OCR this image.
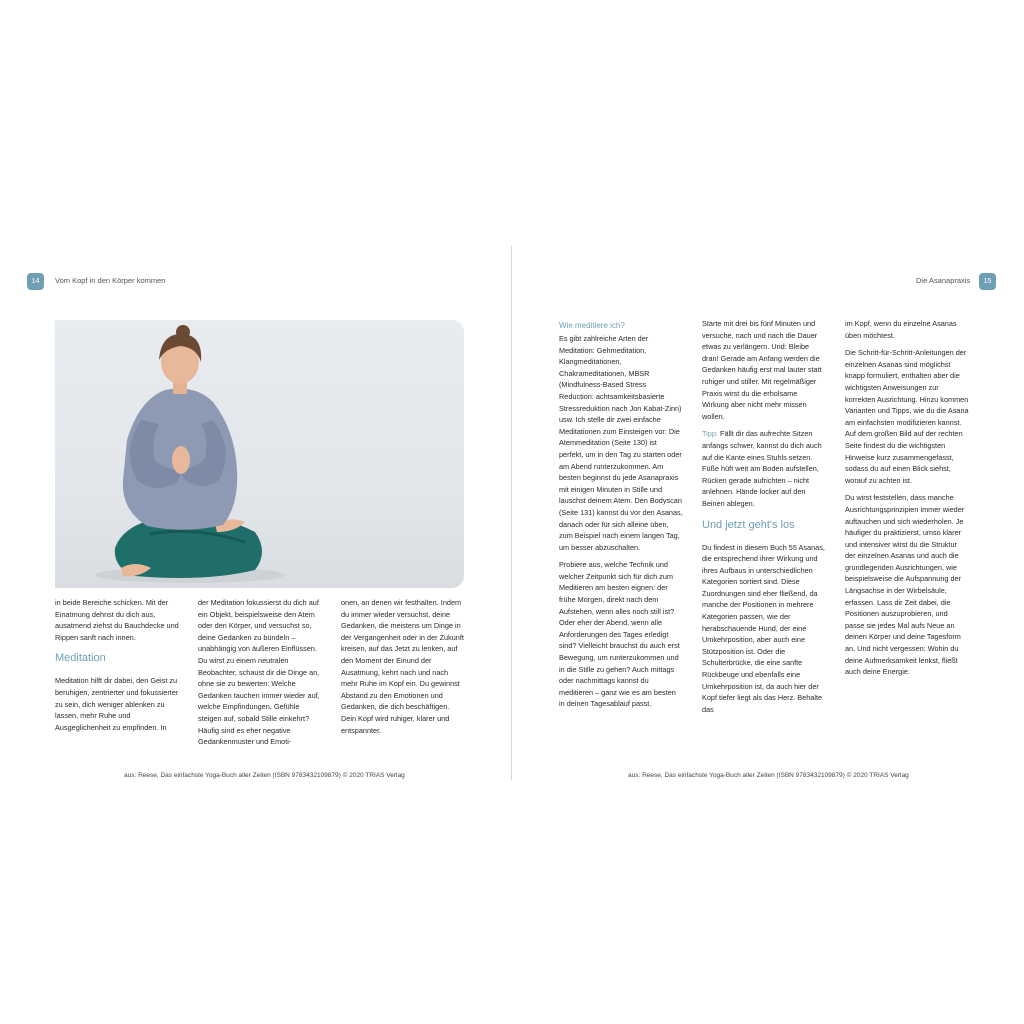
14	Vom Kopf in den Körper kommen

in beide Bereiche schicken. Mit der Einatmung dehnst du dich aus, ausatmend ziehst du Bauchdecke und Rippen sanft nach innen.

Meditation

Meditation hilft dir dabei, den Geist zu beruhigen, zentrierter und fokussierter zu sein, dich weniger ablenken zu lassen, mehr Ruhe und Ausgeglichenheit zu empfinden. In

der Meditation fokussierst du dich auf ein Objekt, beispielsweise den Atem oder den Körper, und versuchst so, deine Gedanken zu bündeln – unabhängig von äußeren Einflüssen. Du wirst zu einem neutralen Beobachter, schaust dir die Dinge an, ohne sie zu bewerten: Welche Gedanken tauchen immer wieder auf, welche Empfindungen, Gefühle steigen auf, sobald Stille einkehrt? Häufig sind es eher negative Gedankenmuster und Emoti-

onen, an denen wir festhalten. Indem du immer wieder versuchst, deine Gedanken, die meistens um Dinge in der Vergangenheit oder in der Zukunft kreisen, auf das Jetzt zu lenken, auf den Moment der Einund der Ausatmung, kehrt nach und nach mehr Ruhe im Kopf ein. Du gewinnst Abstand zu den Emotionen und Gedanken, die dich beschäftigen. Dein Kopf wird ruhiger, klarer und entspannter.

aus: Reese, Das einfachste Yoga-Buch aller Zeiten (ISBN 9783432109879) © 2020 TRIAS Verlag
Die Asanapraxis	15
Wie meditiere ich?

Es gibt zahlreiche Arten der Meditation: Gehmeditation, Klangmeditationen, Chakrameditationen, MBSR (Mindfulness-Based Stress Reduction: achtsamkeitsbasierte Stressreduktion nach Jon Kabat-Zinn) usw. Ich stelle dir zwei einfache Meditationen zum Einsteigen vor: Die Atemmeditation (Seite 130) ist perfekt, um in den Tag zu starten oder am Abend runterzukommen. Am besten beginnst du jede Asanapraxis mit einigen Minuten in Stille und lauschst deinem Atem. Den Bodyscan (Seite 131) kannst du vor den Asanas, danach oder für sich alleine üben, zum Beispiel nach einem langen Tag, um besser abzuschalten.

Probiere aus, welche Technik und welcher Zeitpunkt sich für dich zum Meditieren am besten eignen: der frühe Morgen, direkt nach dem Aufstehen, wenn alles noch still ist? Oder eher der Abend, wenn alle Anforderungen des Tages erledigt sind? Vielleicht brauchst du auch erst Bewegung, um runterzukommen und in die Stille zu gehen? Auch mittags oder nachmittags kannst du meditieren – ganz wie es am besten in deinen Tagesablauf passt.

Starte mit drei bis fünf Minuten und versuche, nach und nach die Dauer etwas zu verlängern. Und: Bleibe dran! Gerade am Anfang werden die Gedanken häufig erst mal lauter statt ruhiger und stiller. Mit regelmäßiger Praxis wirst du die erholsame Wirkung aber nicht mehr missen wollen.

Tipp: Fällt dir das aufrechte Sitzen anfangs schwer, kannst du dich auch auf die Kante eines Stuhls setzen. Füße hüft weit am Boden aufstellen, Rücken gerade aufrichten – nicht anlehnen. Hände locker auf den Beinen ablegen.

Und jetzt geht's los

Du findest in diesem Buch 55 Asanas, die entsprechend ihrer Wirkung und ihres Aufbaus in unterschiedlichen Kategorien sortiert sind. Diese Zuordnungen sind eher fließend, da manche der Positionen in mehrere Kategorien passen, wie der herabschauende Hund, der eine Umkehrposition, aber auch eine Stützposition ist. Oder die Schulterbrücke, die eine sanfte Rückbeuge und ebenfalls eine Umkehrposition ist, da auch hier der Kopf tiefer liegt als das Herz. Behalte das

im Kopf, wenn du einzelne Asanas üben möchtest.

Die Schritt-für-Schritt-Anleitungen der einzelnen Asanas sind möglichst knapp formuliert, enthalten aber die wichtigsten Anweisungen zur korrekten Ausrichtung. Hinzu kommen Varianten und Tipps, wie du die Asana am einfachsten modifizieren kannst. Auf dem großen Bild auf der rechten Seite findest du die wichtigsten Hinweise kurz zusammengefasst, sodass du auf einen Blick siehst, worauf zu achten ist.

Du wirst feststellen, dass manche Ausrichtungsprinzipien immer wieder auftauchen und sich wiederholen. Je häufiger du praktizierst, umso klarer und intensiver wirst du die Struktur der einzelnen Asanas und auch die grundlegenden Ausrichtungen, wie beispielsweise die Aufspannung der Längsachse in der Wirbelsäule, erfassen. Lass dir Zeit dabei, die Positionen auszuprobieren, und passe sie jedes Mal aufs Neue an deinen Körper und deine Tagesform an. Und nicht vergessen: Wohin du deine Aufmerksamkeit lenkst, fließt auch deine Energie.

aus: Reese, Das einfachste Yoga-Buch aller Zeiten (ISBN 9783432109879) © 2020 TRIAS Verlag
